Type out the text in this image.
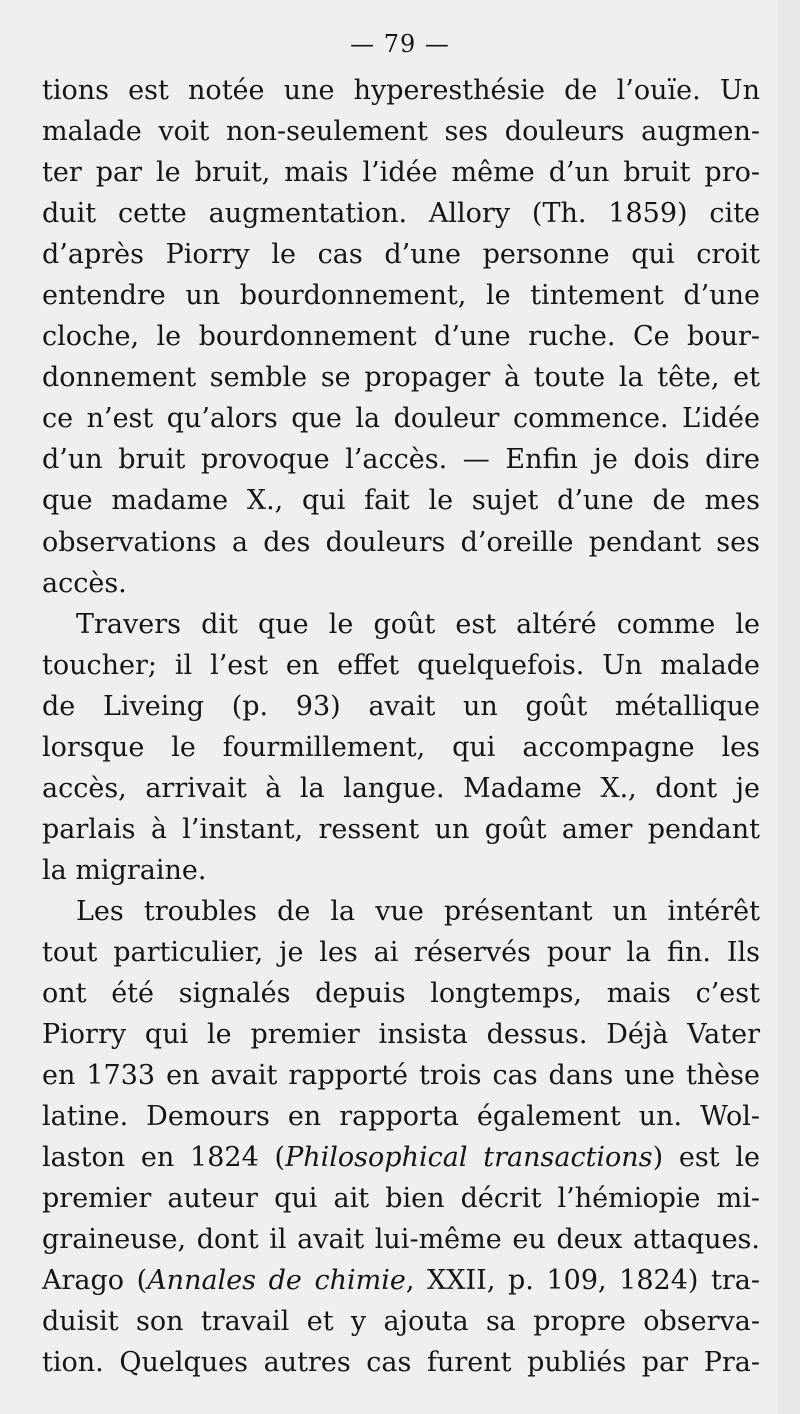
— 79 —
tions est notée une hyperesthésie de l’ouïe. Un
malade voit non-seulement ses douleurs augmen-
ter par le bruit, mais l’idée même d’un bruit pro-
duit cette augmentation. Allory (Th. 1859) cite
d’après Piorry le cas d’une personne qui croit
entendre un bourdonnement, le tintement d’une
cloche, le bourdonnement d’une ruche. Ce bour-
donnement semble se propager à toute la tête, et
ce n’est qu’alors que la douleur commence. L’idée
d’un bruit provoque l’accès. — Enfin je dois dire
que madame X., qui fait le sujet d’une de mes
observations a des douleurs d’oreille pendant ses
accès.
Travers dit que le goût est altéré comme le
toucher; il l’est en effet quelquefois. Un malade
de Liveing (p. 93) avait un goût métallique
lorsque le fourmillement, qui accompagne les
accès, arrivait à la langue. Madame X., dont je
parlais à l’instant, ressent un goût amer pendant
la migraine.
Les troubles de la vue présentant un intérêt
tout particulier, je les ai réservés pour la fin. Ils
ont été signalés depuis longtemps, mais c’est
Piorry qui le premier insista dessus. Déjà Vater
en 1733 en avait rapporté trois cas dans une thèse
latine. Demours en rapporta également un. Wol-
laston en 1824 (Philosophical transactions) est le
premier auteur qui ait bien décrit l’hémiopie mi-
graineuse, dont il avait lui-même eu deux attaques.
Arago (Annales de chimie, XXII, p. 109, 1824) tra-
duisit son travail et y ajouta sa propre observa-
tion. Quelques autres cas furent publiés par Pra-
